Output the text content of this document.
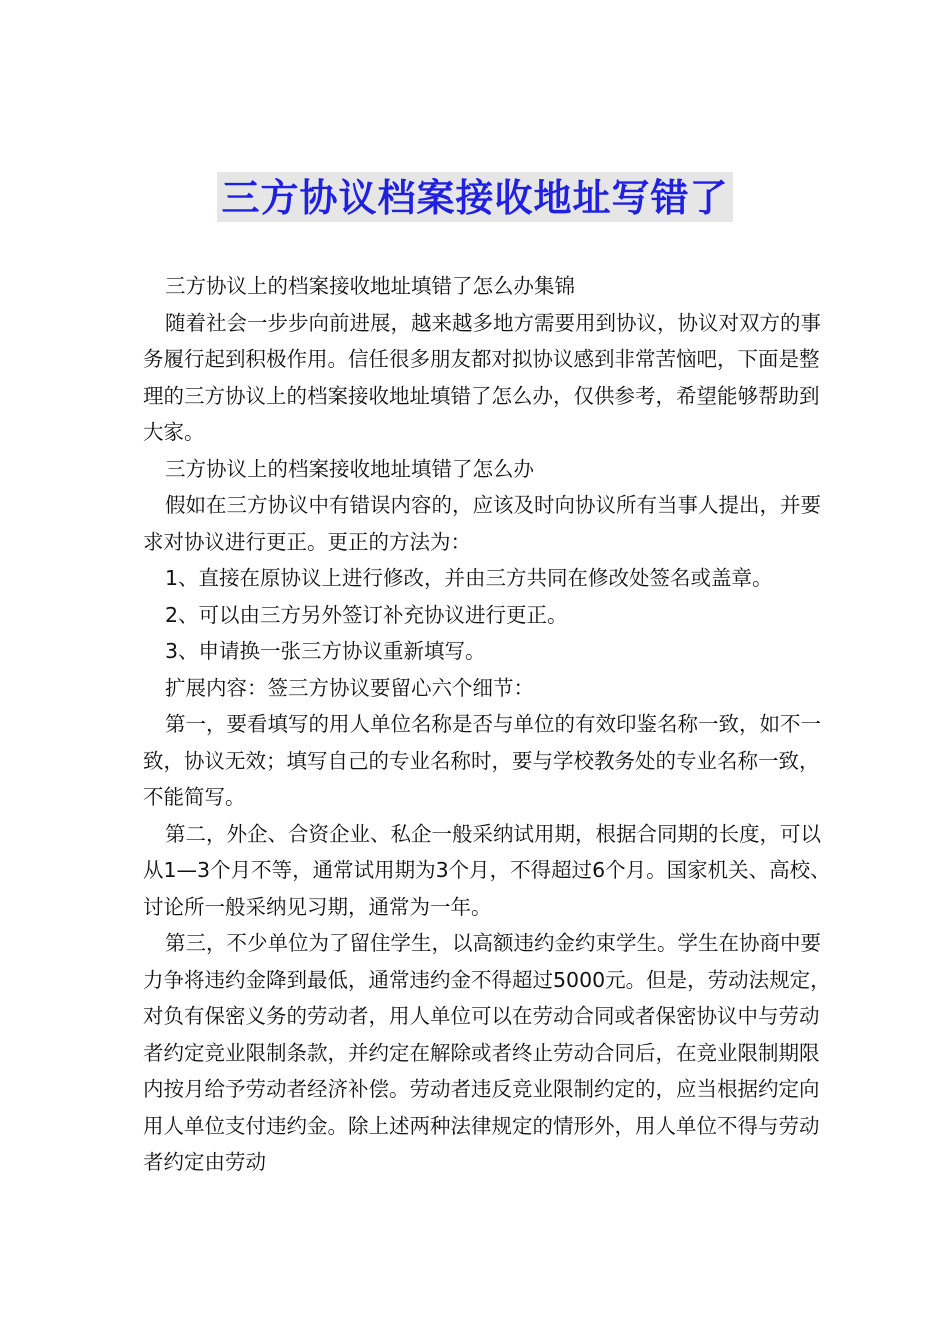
三方协议档案接收地址写错了

三方协议上的档案接收地址填错了怎么办集锦

随着社会一步步向前进展，越来越多地方需要用到协议，协议对双方的事务履行起到积极作用。信任很多朋友都对拟协议感到非常苦恼吧，下面是整理的三方协议上的档案接收地址填错了怎么办，仅供参考，希望能够帮助到大家。

三方协议上的档案接收地址填错了怎么办

假如在三方协议中有错误内容的，应该及时向协议所有当事人提出，并要求对协议进行更正。更正的方法为：

1、直接在原协议上进行修改，并由三方共同在修改处签名或盖章。

2、可以由三方另外签订补充协议进行更正。

3、申请换一张三方协议重新填写。

扩展内容：签三方协议要留心六个细节：

第一，要看填写的用人单位名称是否与单位的有效印鉴名称一致，如不一致，协议无效；填写自己的专业名称时，要与学校教务处的专业名称一致，不能简写。

第二，外企、合资企业、私企一般采纳试用期，根据合同期的长度，可以从1—3个月不等，通常试用期为3个月，不得超过6个月。国家机关、高校、讨论所一般采纳见习期，通常为一年。

第三，不少单位为了留住学生，以高额违约金约束学生。学生在协商中要力争将违约金降到最低，通常违约金不得超过5000元。但是，劳动法规定，对负有保密义务的劳动者，用人单位可以在劳动合同或者保密协议中与劳动者约定竞业限制条款，并约定在解除或者终止劳动合同后，在竞业限制期限内按月给予劳动者经济补偿。劳动者违反竞业限制约定的，应当根据约定向用人单位支付违约金。除上述两种法律规定的情形外，用人单位不得与劳动者约定由劳动
